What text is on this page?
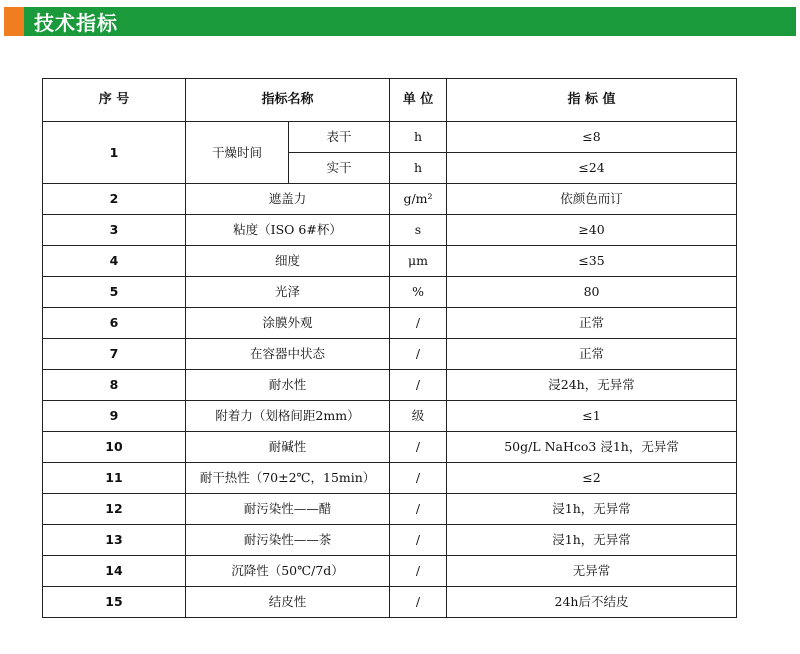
技术指标
序 号	指标名称		单 位	指 标 值
1	干燥时间	表干	h	≤8
		实干	h	≤24
2	遮盖力		g/m²	依颜色而订
3	粘度（ISO 6#杯）		s	≥40
4	细度		μm	≤35
5	光泽		%	80
6	涂膜外观		/	正常
7	在容器中状态		/	正常
8	耐水性		/	浸24h，无异常
9	附着力（划格间距2mm）		级	≤1
10	耐碱性		/	50g/L NaHco3 浸1h，无异常
11	耐干热性（70±2℃，15min）		/	≤2
12	耐污染性——醋		/	浸1h，无异常
13	耐污染性——茶		/	浸1h，无异常
14	沉降性（50℃/7d）		/	无异常
15	结皮性		/	24h后不结皮
